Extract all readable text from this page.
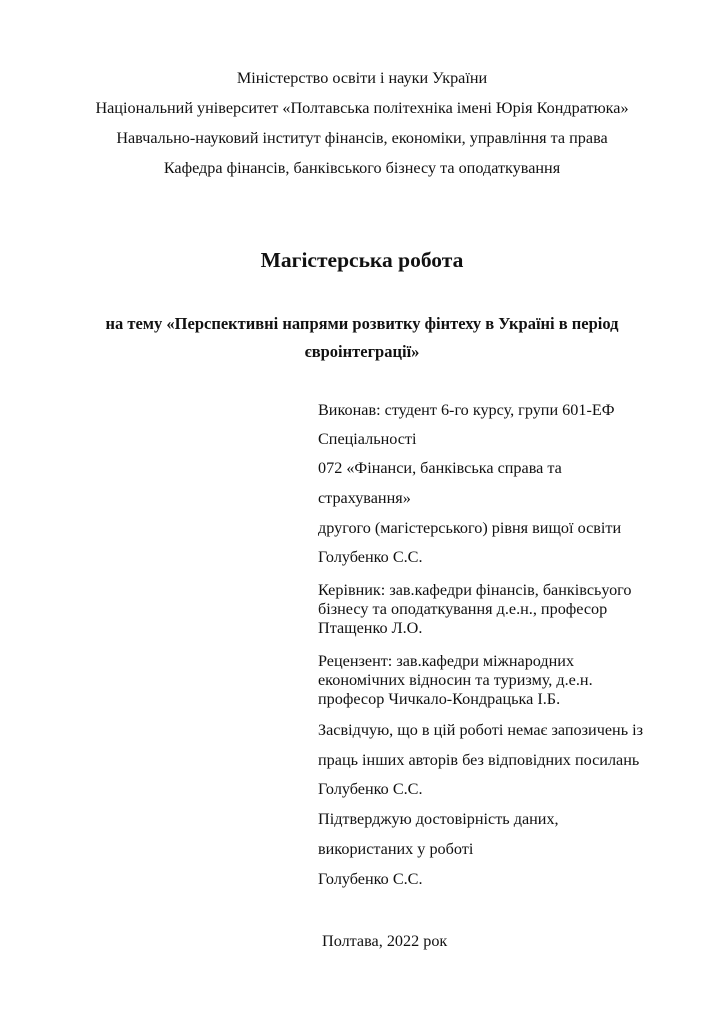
Міністерство освіти і науки України
Національний університет «Полтавська політехніка імені Юрія Кондратюка»
Навчально-науковий інститут фінансів, економіки, управління та права
Кафедра фінансів, банківського бізнесу та оподаткування
Магістерська робота
на тему «Перспективні напрями розвитку фінтеху в Україні в період
євроінтеграції»
Виконав: студент 6-го курсу, групи 601-ЕФ
Спеціальності
072 «Фінанси, банківська справа та
страхування»
другого (магістерського) рівня вищої освіти
Голубенко С.С.
Керівник: зав.кафедри фінансів, банківсьуого
бізнесу та оподаткування д.е.н., професор
Птащенко Л.О.
Рецензент: зав.кафедри міжнародних
економічних відносин та туризму, д.е.н.
професор Чичкало-Кондрацька І.Б.
Засвідчую, що в цій роботі немає запозичень із
праць інших авторів без відповідних посилань
Голубенко С.С.
Підтверджую достовірність даних,
використаних у роботі
Голубенко С.С.
Полтава, 2022 рок
